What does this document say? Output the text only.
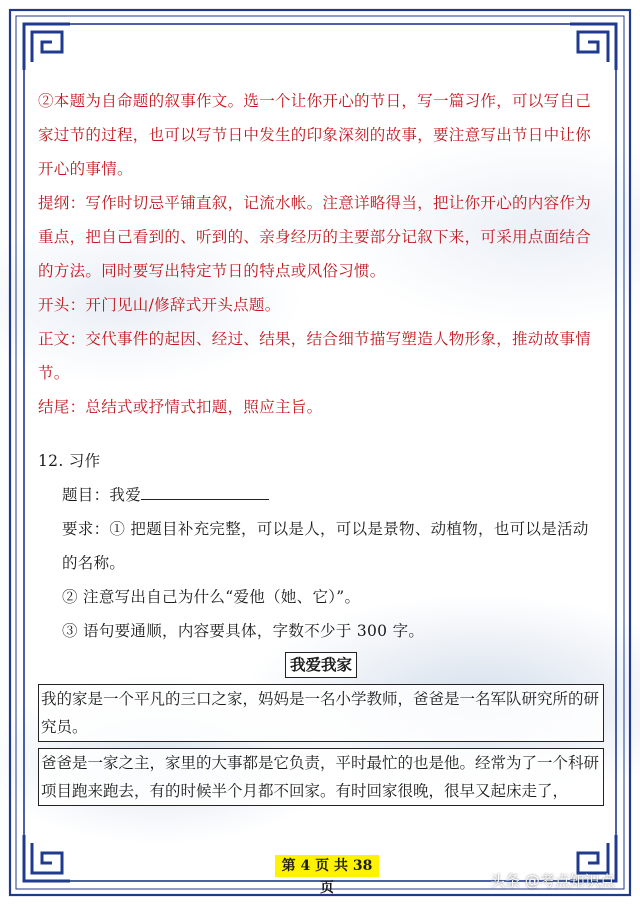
②本题为自命题的叙事作文。选一个让你开心的节日，写一篇习作，可以写自己家过节的过程，也可以写节日中发生的印象深刻的故事，要注意写出节日中让你开心的事情。

提纲：写作时切忌平铺直叙，记流水帐。注意详略得当，把让你开心的内容作为重点，把自己看到的、听到的、亲身经历的主要部分记叙下来，可采用点面结合的方法。同时要写出特定节日的特点或风俗习惯。

开头：开门见山/修辞式开头点题。

正文：交代事件的起因、经过、结果，结合细节描写塑造人物形象，推动故事情节。

结尾：总结式或抒情式扣题，照应主旨。

12. 习作

题目：我爱

要求：① 把题目补充完整，可以是人，可以是景物、动植物，也可以是活动的名称。

② 注意写出自己为什么“爱他（她、它）”。

③ 语句要通顺，内容要具体，字数不少于 300 字。

我爱我家
我的家是一个平凡的三口之家，妈妈是一名小学教师，爸爸是一名军队研究所的研究员。
爸爸是一家之主，家里的大事都是它负责，平时最忙的也是他。经常为了一个科研项目跑来跑去，有的时候半个月都不回家。有时回家很晚，很早又起床走了，
第 4 页 共 38 页	头条 @考点知识点
